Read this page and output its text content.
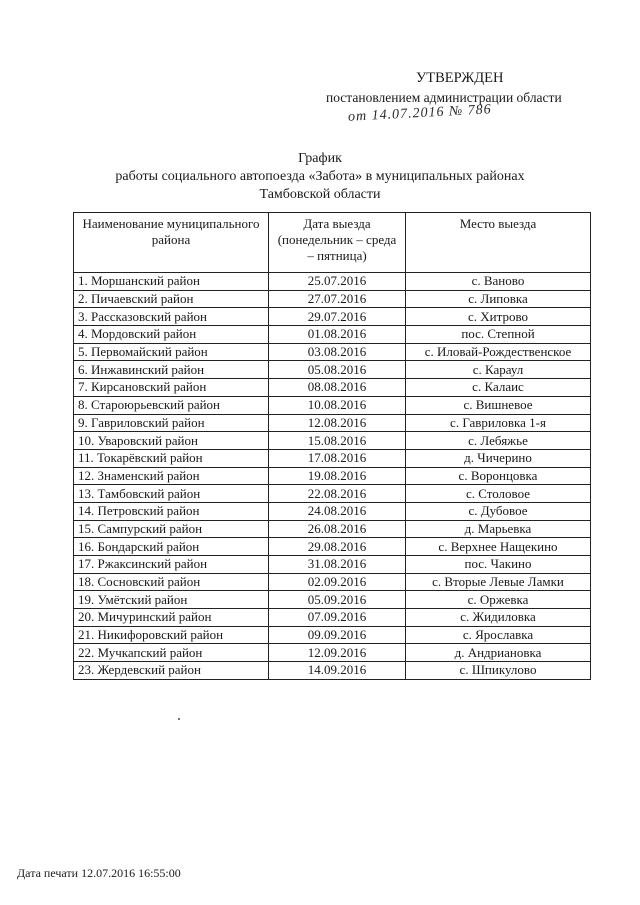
УТВЕРЖДЕН
постановлением администрации области
от 14.07.2016 № 786
График
работы социального автопоезда «Забота» в муниципальных районах
Тамбовской области
Наименование муниципального района	Дата выезда (понедельник – среда – пятница)	Место выезда
1. Моршанский район	25.07.2016	с. Вановo
2. Пичаевский район	27.07.2016	с. Липовка
3. Рассказовский район	29.07.2016	с. Хитрово
4. Мордовский район	01.08.2016	пос. Степной
5. Первомайский район	03.08.2016	с. Иловай-Рождественское
6. Инжавинский район	05.08.2016	с. Караул
7. Кирсановский район	08.08.2016	с. Калаис
8. Староюрьевский район	10.08.2016	с. Вишневое
9. Гавриловский район	12.08.2016	с. Гавриловка 1-я
10. Уваровский район	15.08.2016	с. Лебяжье
11. Токарёвский район	17.08.2016	д. Чичерино
12. Знаменский район	19.08.2016	с. Воронцовка
13. Тамбовский район	22.08.2016	с. Столовое
14. Петровский район	24.08.2016	с. Дубовое
15. Сампурский район	26.08.2016	д. Марьевка
16. Бондарский район	29.08.2016	с. Верхнее Нащекино
17. Ржаксинский район	31.08.2016	пос. Чакино
18. Сосновский район	02.09.2016	с. Вторые Левые Ламки
19. Умётский район	05.09.2016	с. Оржевка
20. Мичуринский район	07.09.2016	с. Жидиловка
21. Никифоровский район	09.09.2016	с. Ярославка
22. Мучкапский район	12.09.2016	д. Андриановка
23. Жердевский район	14.09.2016	с. Шпикулово
Дата печати 12.07.2016 16:55:00
